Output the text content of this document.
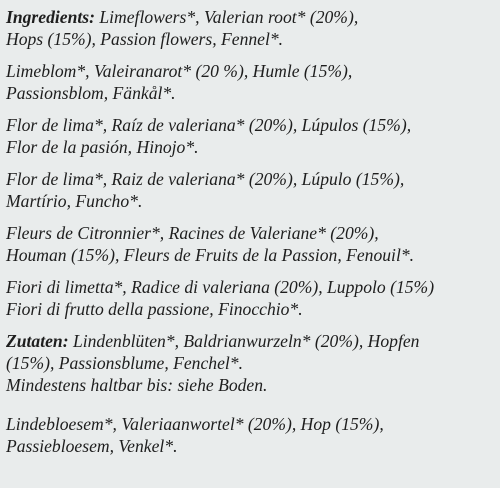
Ingredients: Limeflowers*, Valerian root* (20%),
Hops (15%), Passion flowers, Fennel*.
Limeblom*, Valeiranarot* (20 %), Humle (15%),
Passionsblom, Fänkål*.
Flor de lima*, Raíz de valeriana* (20%), Lúpulos (15%),
Flor de la pasión, Hinojo*.
Flor de lima*, Raiz de valeriana* (20%), Lúpulo (15%),
Martírio, Funcho*.
Fleurs de Citronnier*, Racines de Valeriane* (20%),
Houman (15%), Fleurs de Fruits de la Passion, Fenouil*.
Fiori di limetta*, Radice di valeriana (20%), Luppolo (15%)
Fiori di frutto della passione, Finocchio*.
Zutaten: Lindenblüten*, Baldrianwurzeln* (20%), Hopfen
(15%), Passionsblume, Fenchel*.
Mindestens haltbar bis: siehe Boden.
Lindebloesem*, Valeriaanwortel* (20%), Hop (15%),
Passiebloesem, Venkel*.
